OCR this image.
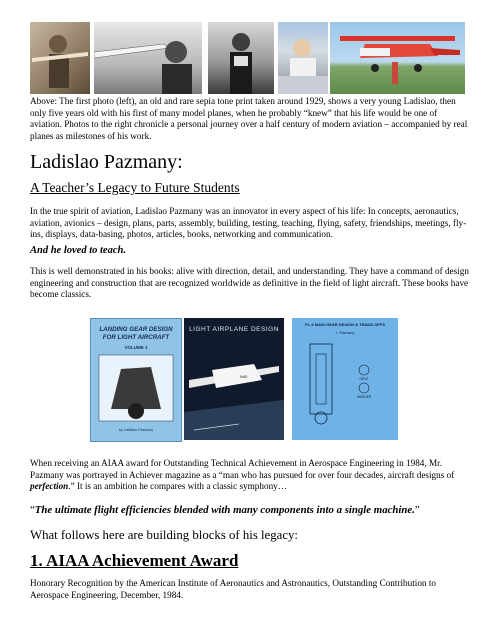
Above: The first photo (left), an old and rare sepia tone print taken around 1929, shows a very young Ladislao, then only five years old with his first of many model planes, when he probably “knew” that his life would be one of aviation. Photos to the right chronicle a personal journey over a half century of modern aviation – accompanied by real planes as milestones of his work.

Ladislao Pazmany:
A Teacher’s Legacy to Future Students

In the true spirit of aviation, Ladislao Pazmany was an innovator in every aspect of his life: In concepts, aeronautics, aviation, avionics – design, plans, parts, assembly, building, testing, teaching, flying, safety, friendships, meetings, fly-ins, displays, data-basing, photos, articles, books, networking and communication.

And he loved to teach.

This is well demonstrated in his books: alive with direction, detail, and understanding. They have a command of design engineering and construction that are recognized worldwide as definitive in the field of light aircraft. These books have become classics.

LANDING GEAR DESIGN
FOR LIGHT AIRCRAFT
VOLUME 1
by Ladislao Pazmany
LIGHT AIRPLANE DESIGN
N40
PL-9 MAIN GEAR DESIGN & TRADE-OFFS
L. Pazmany
HOLE
WASHER

When receiving an AIAA award for Outstanding Technical Achievement in Aerospace Engineering in 1984, Mr. Pazmany was portrayed in Achiever magazine as a “man who has pursued for over four decades, aircraft designs of perfection.” It is an ambition he compares with a classic symphony…

“The ultimate flight efficiencies blended with many components into a single machine.”

What follows here are building blocks of his legacy:
1. AIAA Achievement Award

Honorary Recognition by the American Institute of Aeronautics and Astronautics, Outstanding Contribution to Aerospace Engineering, December, 1984.
